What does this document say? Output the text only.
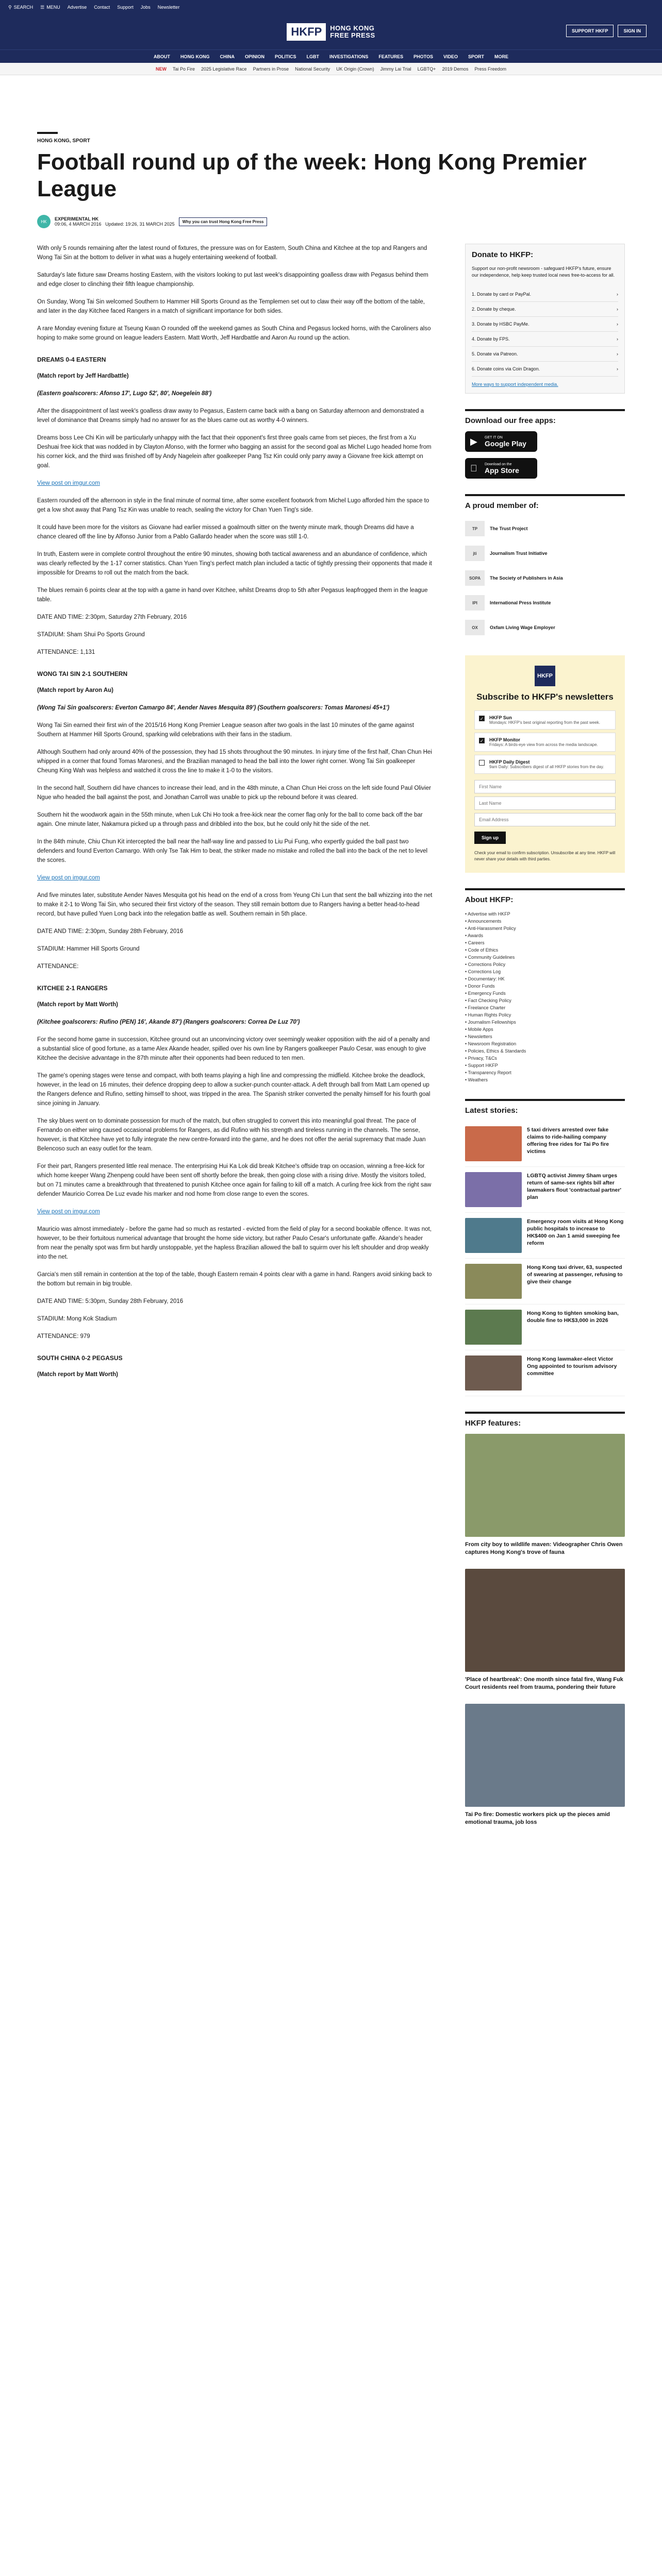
⚲ SEARCH ☰ MENU Advertise Contact Support Jobs Newsletter
HKFP	HONG KONG
FREE PRESS
SUPPORT HKFP	SIGN IN
ABOUT HONG KONG CHINA OPINION POLITICS LGBT INVESTIGATIONS FEATURES PHOTOS VIDEO SPORT MORE
NEW Tai Po Fire 2025 Legislative Race Partners in Prose National Security UK Origin (Crown) Jimmy Lai Trial LGBTQ+ 2019 Demos Press Freedom
HONG KONG, SPORT
Football round up of the week: Hong Kong Premier League
HK	EXPERIMENTAL HK
09:06, 4 MARCH 2016 Updated: 19:26, 31 MARCH 2025	Why you can trust Hong Kong Free Press

With only 5 rounds remaining after the latest round of fixtures, the pressure was on for Eastern, South China and Kitchee at the top and Rangers and Wong Tai Sin at the bottom to deliver in what was a hugely entertaining weekend of football.

Saturday's late fixture saw Dreams hosting Eastern, with the visitors looking to put last week's disappointing goalless draw with Pegasus behind them and edge closer to clinching their fifth league championship.

On Sunday, Wong Tai Sin welcomed Southern to Hammer Hill Sports Ground as the Templemen set out to claw their way off the bottom of the table, and later in the day Kitchee faced Rangers in a match of significant importance for both sides.

A rare Monday evening fixture at Tseung Kwan O rounded off the weekend games as South China and Pegasus locked horns, with the Caroliners also hoping to make some ground on league leaders Eastern. Matt Worth, Jeff Hardbattle and Aaron Au round up the action.

DREAMS 0-4 EASTERN

(Match report by Jeff Hardbattle)

(Eastern goalscorers: Afonso 17', Lugo 52', 80', Noegelein 88')

After the disappointment of last week's goalless draw away to Pegasus, Eastern came back with a bang on Saturday afternoon and demonstrated a level of dominance that Dreams simply had no answer for as the blues came out as worthy 4-0 winners.

Dreams boss Lee Chi Kin will be particularly unhappy with the fact that their opponent's first three goals came from set pieces, the first from a Xu Deshuai free kick that was nodded in by Clayton Afonso, with the former who bagging an assist for the second goal as Michel Lugo headed home from his corner kick, and the third was finished off by Andy Nagelein after goalkeeper Pang Tsz Kin could only parry away a Giovane free kick attempt on goal.

View post on imgur.com

Eastern rounded off the afternoon in style in the final minute of normal time, after some excellent footwork from Michel Lugo afforded him the space to get a low shot away that Pang Tsz Kin was unable to reach, sealing the victory for Chan Yuen Ting's side.

It could have been more for the visitors as Giovane had earlier missed a goalmouth sitter on the twenty minute mark, though Dreams did have a chance cleared off the line by Alfonso Junior from a Pablo Gallardo header when the score was still 1-0.

In truth, Eastern were in complete control throughout the entire 90 minutes, showing both tactical awareness and an abundance of confidence, which was clearly reflected by the 1-17 corner statistics. Chan Yuen Ting's perfect match plan included a tactic of tightly pressing their opponents that made it impossible for Dreams to roll out the match from the back.

The blues remain 6 points clear at the top with a game in hand over Kitchee, whilst Dreams drop to 5th after Pegasus leapfrogged them in the league table.

DATE AND TIME: 2:30pm, Saturday 27th February, 2016

STADIUM: Sham Shui Po Sports Ground

ATTENDANCE: 1,131

WONG TAI SIN 2-1 SOUTHERN

(Match report by Aaron Au)

(Wong Tai Sin goalscorers: Everton Camargo 84', Aender Naves Mesquita 89') (Southern goalscorers: Tomas Maronesi 45+1')

Wong Tai Sin earned their first win of the 2015/16 Hong Kong Premier League season after two goals in the last 10 minutes of the game against Southern at Hammer Hill Sports Ground, sparking wild celebrations with their fans in the stadium.

Although Southern had only around 40% of the possession, they had 15 shots throughout the 90 minutes. In injury time of the first half, Chan Chun Hei whipped in a corner that found Tomas Maronesi, and the Brazilian managed to head the ball into the lower right corner. Wong Tai Sin goalkeeper Cheung King Wah was helpless and watched it cross the line to make it 1-0 to the visitors.

In the second half, Southern did have chances to increase their lead, and in the 48th minute, a Chan Chun Hei cross on the left side found Paul Olivier Ngue who headed the ball against the post, and Jonathan Carroll was unable to pick up the rebound before it was cleared.

Southern hit the woodwork again in the 55th minute, when Luk Chi Ho took a free-kick near the corner flag only for the ball to come back off the bar again. One minute later, Nakamura picked up a through pass and dribbled into the box, but he could only hit the side of the net.

In the 84th minute, Chiu Chun Kit intercepted the ball near the half-way line and passed to Liu Pui Fung, who expertly guided the ball past two defenders and found Everton Camargo. With only Tse Tak Him to beat, the striker made no mistake and rolled the ball into the back of the net to level the scores.

View post on imgur.com

And five minutes later, substitute Aender Naves Mesquita got his head on the end of a cross from Yeung Chi Lun that sent the ball whizzing into the net to make it 2-1 to Wong Tai Sin, who secured their first victory of the season. They still remain bottom due to Rangers having a better head-to-head record, but have pulled Yuen Long back into the relegation battle as well. Southern remain in 5th place.

DATE AND TIME: 2:30pm, Sunday 28th February, 2016

STADIUM: Hammer Hill Sports Ground

ATTENDANCE:

KITCHEE 2-1 RANGERS

(Match report by Matt Worth)

(Kitchee goalscorers: Rufino (PEN) 16', Akande 87') (Rangers goalscorers: Correa De Luz 70')

For the second home game in succession, Kitchee ground out an unconvincing victory over seemingly weaker opposition with the aid of a penalty and a substantial slice of good fortune, as a tame Alex Akande header, spilled over his own line by Rangers goalkeeper Paulo Cesar, was enough to give Kitchee the decisive advantage in the 87th minute after their opponents had been reduced to ten men.

The game's opening stages were tense and compact, with both teams playing a high line and compressing the midfield. Kitchee broke the deadlock, however, in the lead on 16 minutes, their defence dropping deep to allow a sucker-punch counter-attack. A deft through ball from Matt Lam opened up the Rangers defence and Rufino, setting himself to shoot, was tripped in the area. The Spanish striker converted the penalty himself for his fourth goal since joining in January.

The sky blues went on to dominate possession for much of the match, but often struggled to convert this into meaningful goal threat. The pace of Fernando on either wing caused occasional problems for Rangers, as did Rufino with his strength and tireless running in the channels. The sense, however, is that Kitchee have yet to fully integrate the new centre-forward into the game, and he does not offer the aerial supremacy that made Juan Belencoso such an easy outlet for the team.

For their part, Rangers presented little real menace. The enterprising Hui Ka Lok did break Kitchee's offside trap on occasion, winning a free-kick for which home keeper Wang Zhenpeng could have been sent off shortly before the break, then going close with a rising drive. Mostly the visitors toiled, but on 71 minutes came a breakthrough that threatened to punish Kitchee once again for failing to kill off a match. A curling free kick from the right saw defender Mauricio Correa De Luz evade his marker and nod home from close range to even the scores.

View post on imgur.com

Mauricio was almost immediately - before the game had so much as restarted - evicted from the field of play for a second bookable offence. It was not, however, to be their fortuitous numerical advantage that brought the home side victory, but rather Paulo Cesar's unfortunate gaffe. Akande's header from near the penalty spot was firm but hardly unstoppable, yet the hapless Brazilian allowed the ball to squirm over his left shoulder and drop weakly into the net.

Garcia's men still remain in contention at the top of the table, though Eastern remain 4 points clear with a game in hand. Rangers avoid sinking back to the bottom but remain in big trouble.

DATE AND TIME: 5:30pm, Sunday 28th February, 2016

STADIUM: Mong Kok Stadium

ATTENDANCE: 979

SOUTH CHINA 0-2 PEGASUS

(Match report by Matt Worth)

Donate to HKFP:
Support our non-profit newsroom - safeguard HKFP's future, ensure our independence, help keep trusted local news free-to-access for all.
1. Donate by card or PayPal.	›
2. Donate by cheque.	›
3. Donate by HSBC PayMe.	›
4. Donate by FPS.	›
5. Donate via Patreon.	›
6. Donate coins via Coin Dragon.	›
More ways to support independent media.
Download our free apps:
▶ GET IT ON
Google Play
Download on the
App Store
A proud member of:
TP	The Trust Project
jti	Journalism Trust Initiative
SOPA	The Society of Publishers in Asia
IPI	International Press Institute
OX	Oxfam Living Wage Employer
HKFP
Subscribe to HKFP's newsletters
✓ HKFP Sun
Mondays: HKFP's best original reporting from the past week.
✓ HKFP Monitor
Fridays: A birds-eye view from across the media landscape.
HKFP Daily Digest
9am Daily: Subscribers digest of all HKFP stories from the day.
First Name Last Name Email Address Sign up
Check your email to confirm subscription. Unsubscribe at any time. HKFP will never share your details with third parties.
About HKFP:
• Advertise with HKFP
• Announcements
• Anti-Harassment Policy
• Awards
• Careers
• Code of Ethics
• Community Guidelines
• Corrections Policy
• Corrections Log
• Documentary: HK
• Donor Funds
• Emergency Funds
• Fact Checking Policy
• Freelance Charter
• Human Rights Policy
• Journalism Fellowships
• Mobile Apps
• Newsletters
• Newsroom Registration
• Policies, Ethics & Standards
• Privacy, T&Cs
• Support HKFP
• Transparency Report
• Weathers
Latest stories:
5 taxi drivers arrested over fake claims to ride-hailing company offering free rides for Tai Po fire victims
LGBTQ activist Jimmy Sham urges return of same-sex rights bill after lawmakers flout 'contractual partner' plan
Emergency room visits at Hong Kong public hospitals to increase to HK$400 on Jan 1 amid sweeping fee reform
Hong Kong taxi driver, 63, suspected of swearing at passenger, refusing to give their change
Hong Kong to tighten smoking ban, double fine to HK$3,000 in 2026
Hong Kong lawmaker-elect Victor Ong appointed to tourism advisory committee
HKFP features:
From city boy to wildlife maven: Videographer Chris Owen captures Hong Kong's trove of fauna
'Place of heartbreak': One month since fatal fire, Wang Fuk Court residents reel from trauma, pondering their future
Tai Po fire: Domestic workers pick up the pieces amid emotional trauma, job loss
